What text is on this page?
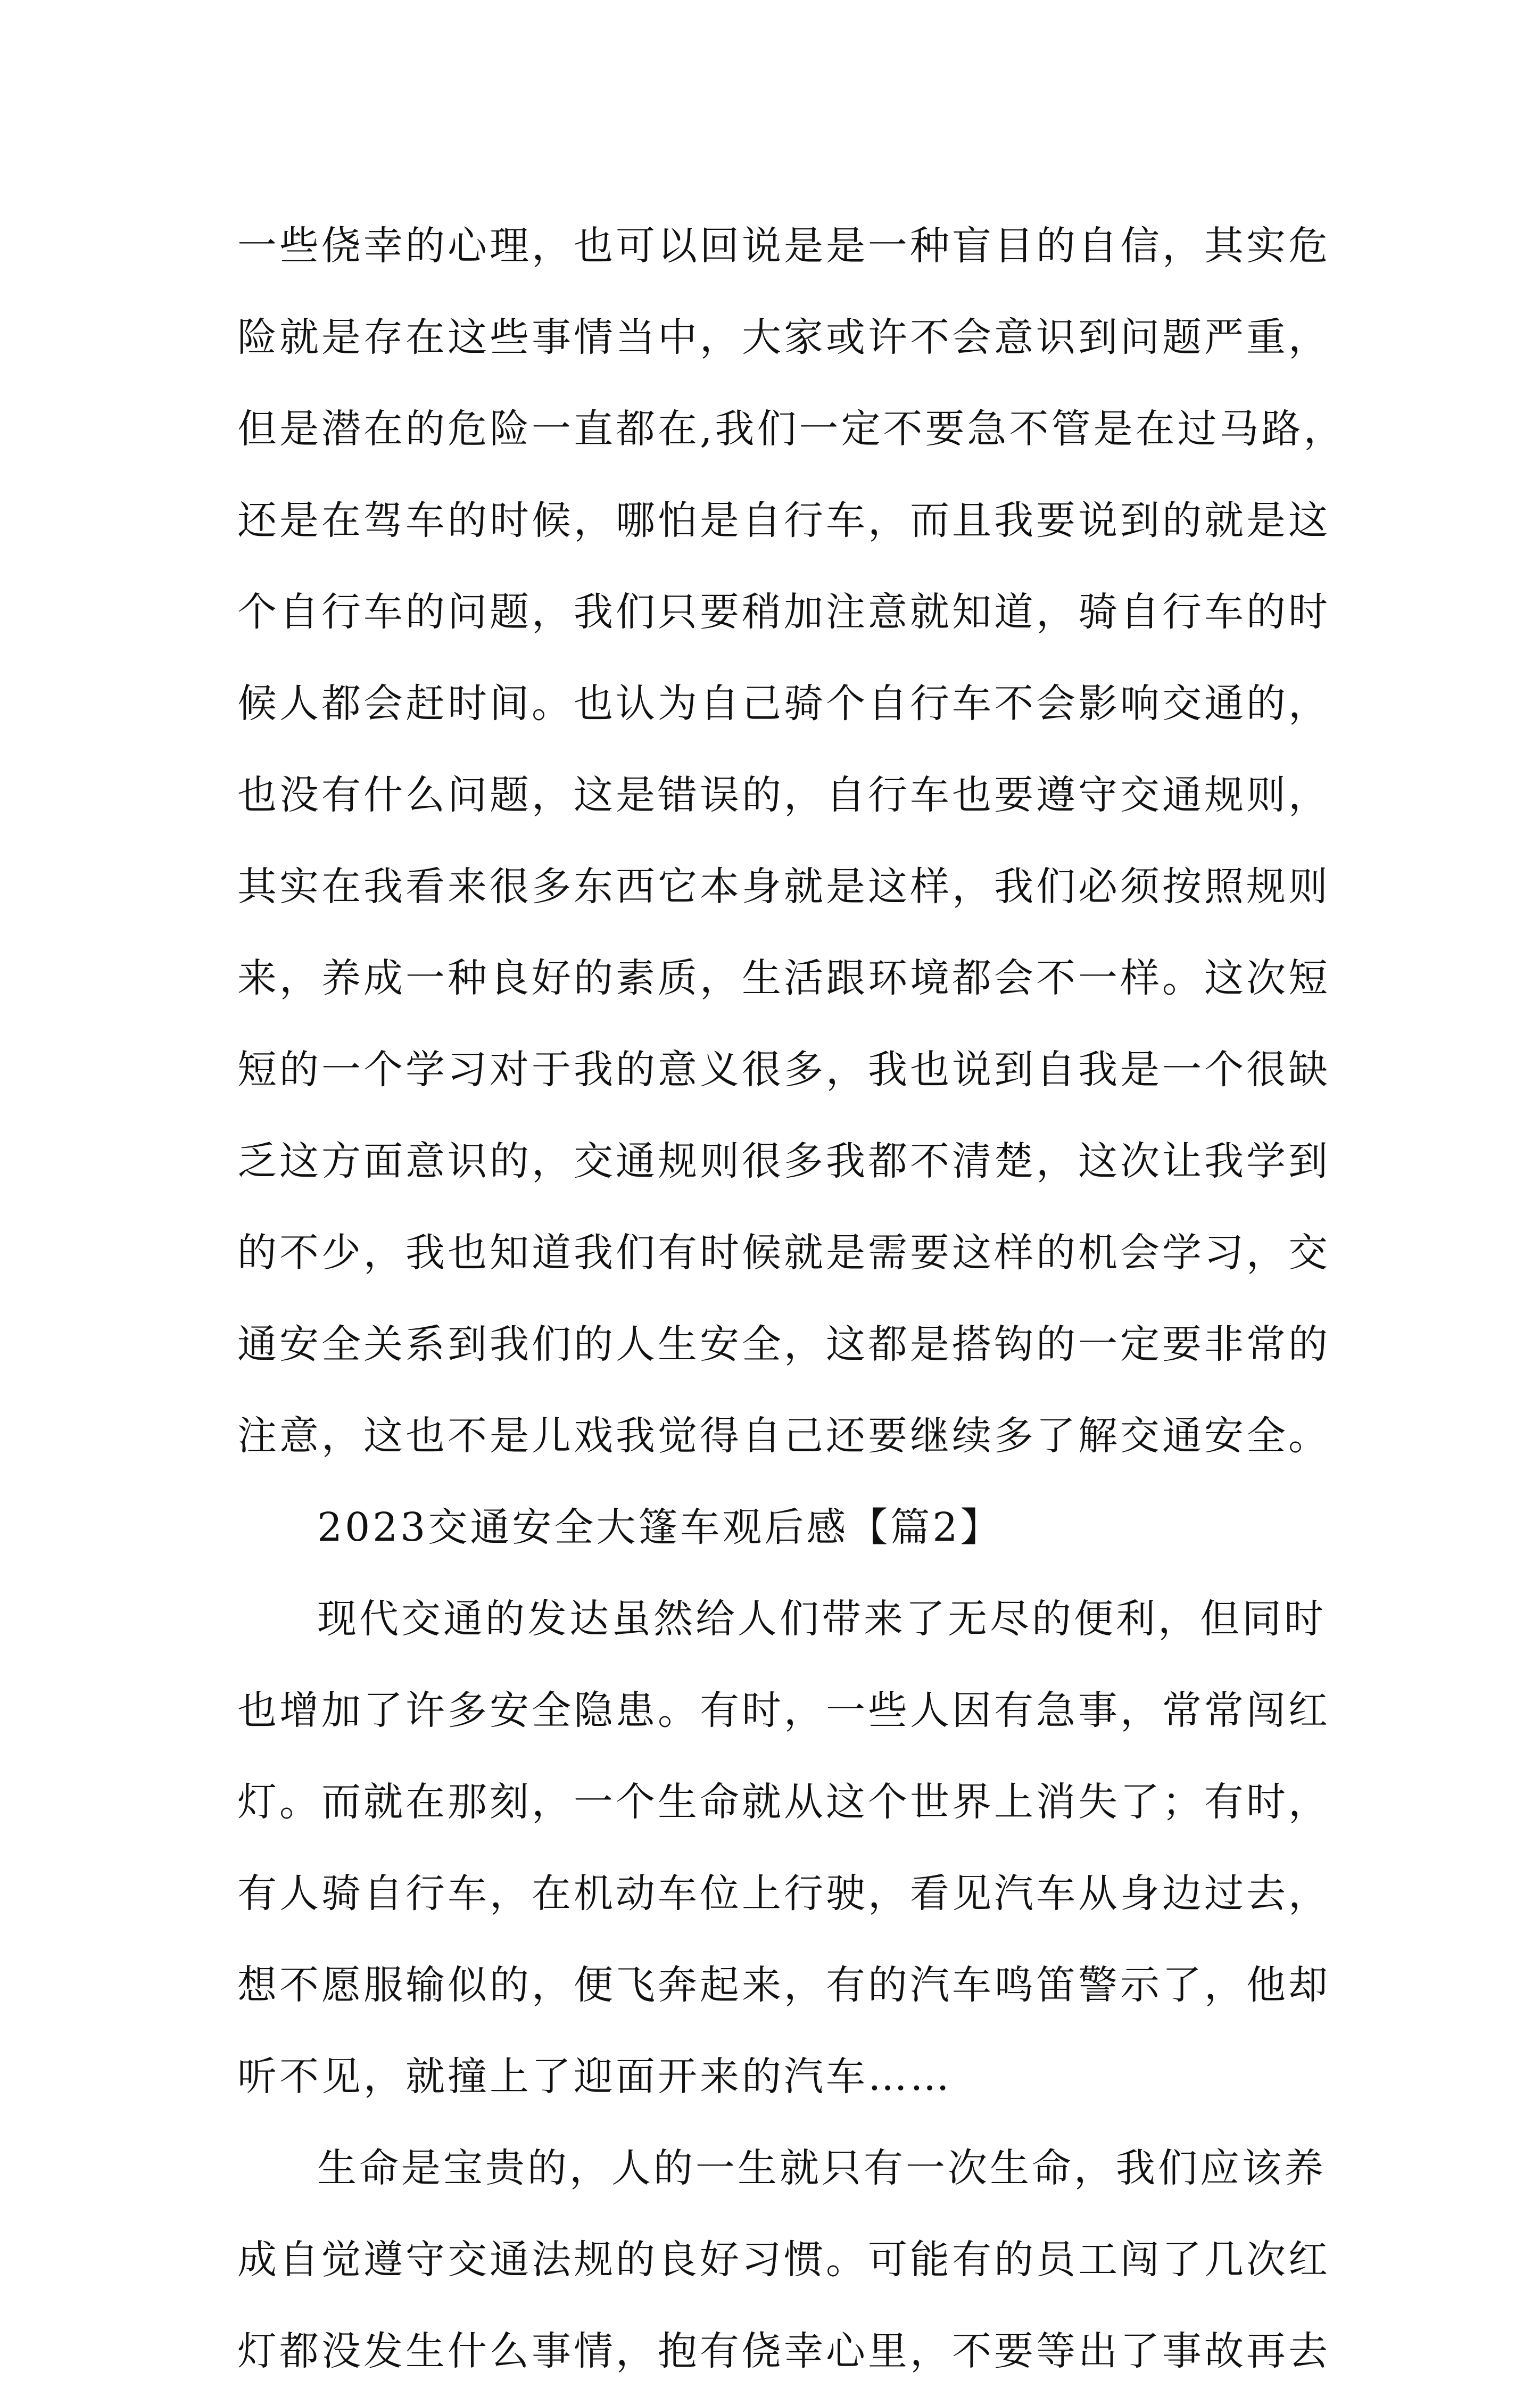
一些侥幸的心理，也可以回说是是一种盲目的自信，其实危
险就是存在这些事情当中，大家或许不会意识到问题严重，
但是潜在的危险一直都在,我们一定不要急不管是在过马路，
还是在驾车的时候，哪怕是自行车，而且我要说到的就是这
个自行车的问题，我们只要稍加注意就知道，骑自行车的时
候人都会赶时间。也认为自己骑个自行车不会影响交通的，
也没有什么问题，这是错误的，自行车也要遵守交通规则，
其实在我看来很多东西它本身就是这样，我们必须按照规则
来，养成一种良好的素质，生活跟环境都会不一样。这次短
短的一个学习对于我的意义很多，我也说到自我是一个很缺
乏这方面意识的，交通规则很多我都不清楚，这次让我学到
的不少，我也知道我们有时候就是需要这样的机会学习，交
通安全关系到我们的人生安全，这都是搭钩的一定要非常的
注意，这也不是儿戏我觉得自己还要继续多了解交通安全。
2023交通安全大篷车观后感【篇2】
现代交通的发达虽然给人们带来了无尽的便利，但同时
也增加了许多安全隐患。有时，一些人因有急事，常常闯红
灯。而就在那刻，一个生命就从这个世界上消失了；有时，
有人骑自行车，在机动车位上行驶，看见汽车从身边过去，
想不愿服输似的，便飞奔起来，有的汽车鸣笛警示了，他却
听不见，就撞上了迎面开来的汽车……
生命是宝贵的，人的一生就只有一次生命，我们应该养
成自觉遵守交通法规的良好习惯。可能有的员工闯了几次红
灯都没发生什么事情，抱有侥幸心里，不要等出了事故再去
